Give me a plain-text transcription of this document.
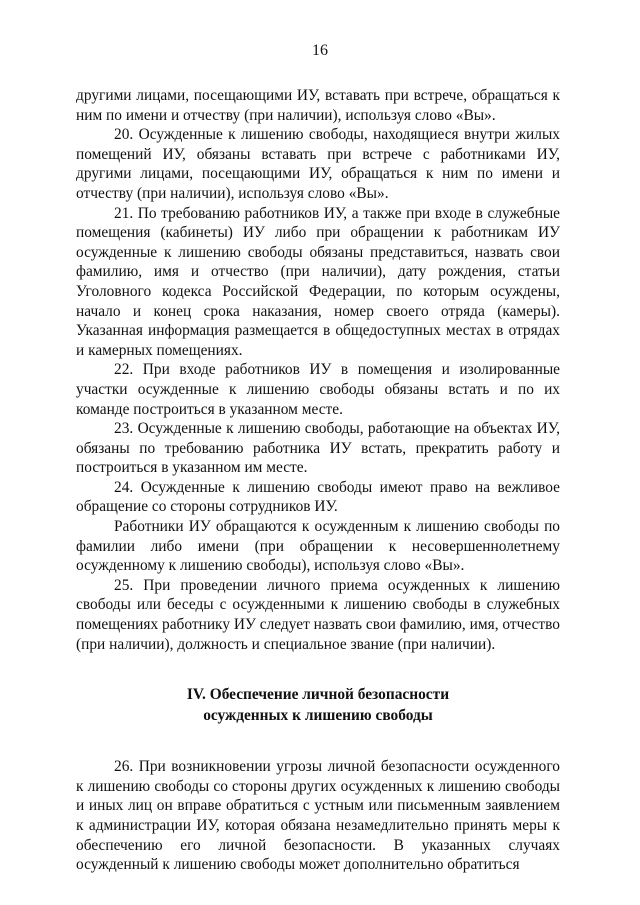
16

другими лицами, посещающими ИУ, вставать при встрече, обращаться к ним по имени и отчеству (при наличии), используя слово «Вы».

20. Осужденные к лишению свободы, находящиеся внутри жилых помещений ИУ, обязаны вставать при встрече с работниками ИУ, другими лицами, посещающими ИУ, обращаться к ним по имени и отчеству (при наличии), используя слово «Вы».

21. По требованию работников ИУ, а также при входе в служебные помещения (кабинеты) ИУ либо при обращении к работникам ИУ осужденные к лишению свободы обязаны представиться, назвать свои фамилию, имя и отчество (при наличии), дату рождения, статьи Уголовного кодекса Российской Федерации, по которым осуждены, начало и конец срока наказания, номер своего отряда (камеры). Указанная информация размещается в общедоступных местах в отрядах и камерных помещениях.

22. При входе работников ИУ в помещения и изолированные участки осужденные к лишению свободы обязаны встать и по их команде построиться в указанном месте.

23. Осужденные к лишению свободы, работающие на объектах ИУ, обязаны по требованию работника ИУ встать, прекратить работу и построиться в указанном им месте.

24. Осужденные к лишению свободы имеют право на вежливое обращение со стороны сотрудников ИУ.

Работники ИУ обращаются к осужденным к лишению свободы по фамилии либо имени (при обращении к несовершеннолетнему осужденному к лишению свободы), используя слово «Вы».

25. При проведении личного приема осужденных к лишению свободы или беседы с осужденными к лишению свободы в служебных помещениях работнику ИУ следует назвать свои фамилию, имя, отчество (при наличии), должность и специальное звание (при наличии).

IV. Обеспечение личной безопасности
осужденных к лишению свободы

26. При возникновении угрозы личной безопасности осужденного к лишению свободы со стороны других осужденных к лишению свободы и иных лиц он вправе обратиться с устным или письменным заявлением к администрации ИУ, которая обязана незамедлительно принять меры к обеспечению его личной безопасности. В указанных случаях осужденный к лишению свободы может дополнительно обратиться
